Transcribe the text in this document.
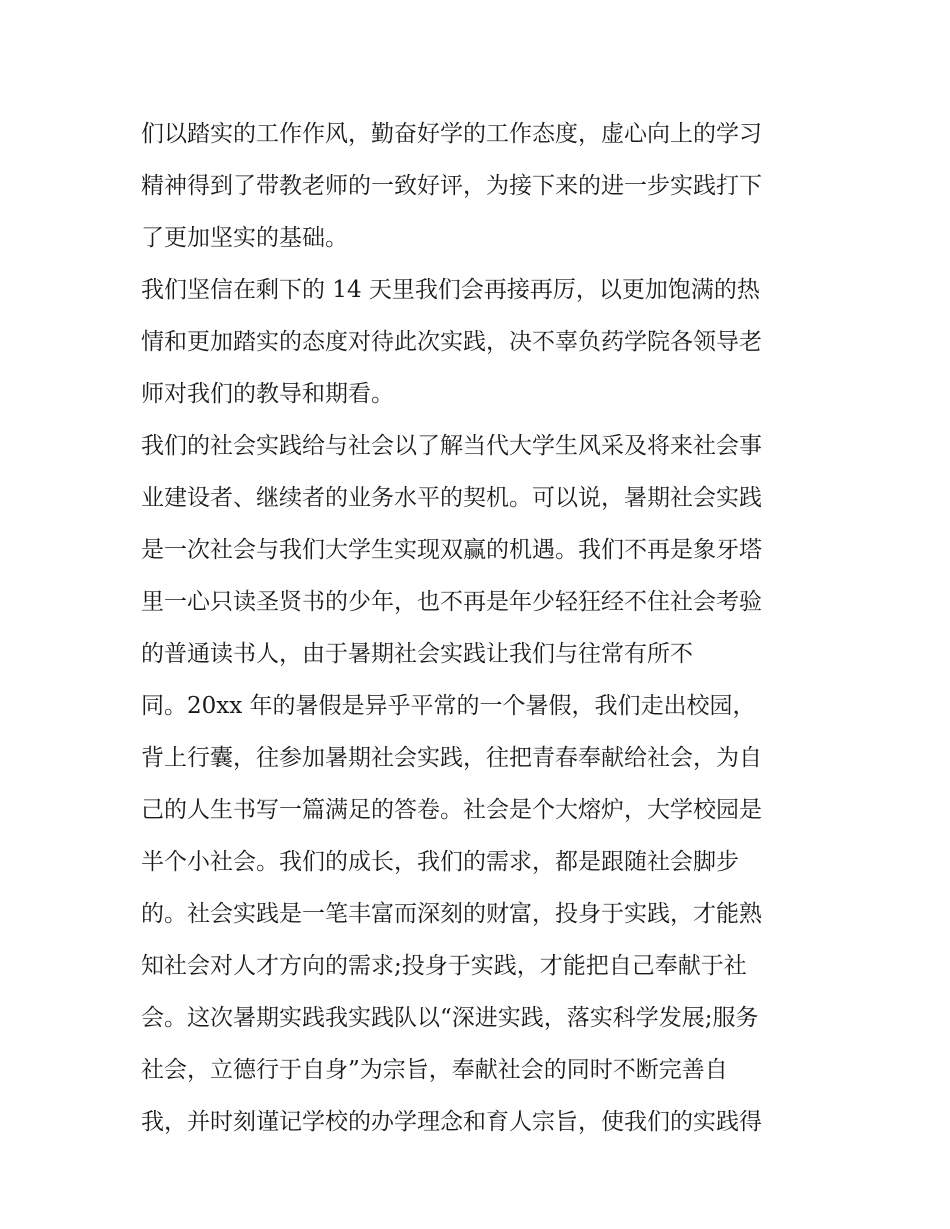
们以踏实的工作作风，勤奋好学的工作态度，虚心向上的学习
精神得到了带教老师的一致好评，为接下来的进一步实践打下
了更加坚实的基础。
我们坚信在剩下的 14 天里我们会再接再厉，以更加饱满的热
情和更加踏实的态度对待此次实践，决不辜负药学院各领导老
师对我们的教导和期看。
我们的社会实践给与社会以了解当代大学生风采及将来社会事
业建设者、继续者的业务水平的契机。可以说，暑期社会实践
是一次社会与我们大学生实现双赢的机遇。我们不再是象牙塔
里一心只读圣贤书的少年，也不再是年少轻狂经不住社会考验
的普通读书人，由于暑期社会实践让我们与往常有所不
同。20xx 年的暑假是异乎平常的一个暑假，我们走出校园，
背上行囊，往参加暑期社会实践，往把青春奉献给社会，为自
己的人生书写一篇满足的答卷。社会是个大熔炉，大学校园是
半个小社会。我们的成长，我们的需求，都是跟随社会脚步
的。社会实践是一笔丰富而深刻的财富，投身于实践，才能熟
知社会对人才方向的需求;投身于实践，才能把自己奉献于社
会。这次暑期实践我实践队以“深进实践，落实科学发展;服务
社会，立德行于自身”为宗旨，奉献社会的同时不断完善自
我，并时刻谨记学校的办学理念和育人宗旨，使我们的实践得
